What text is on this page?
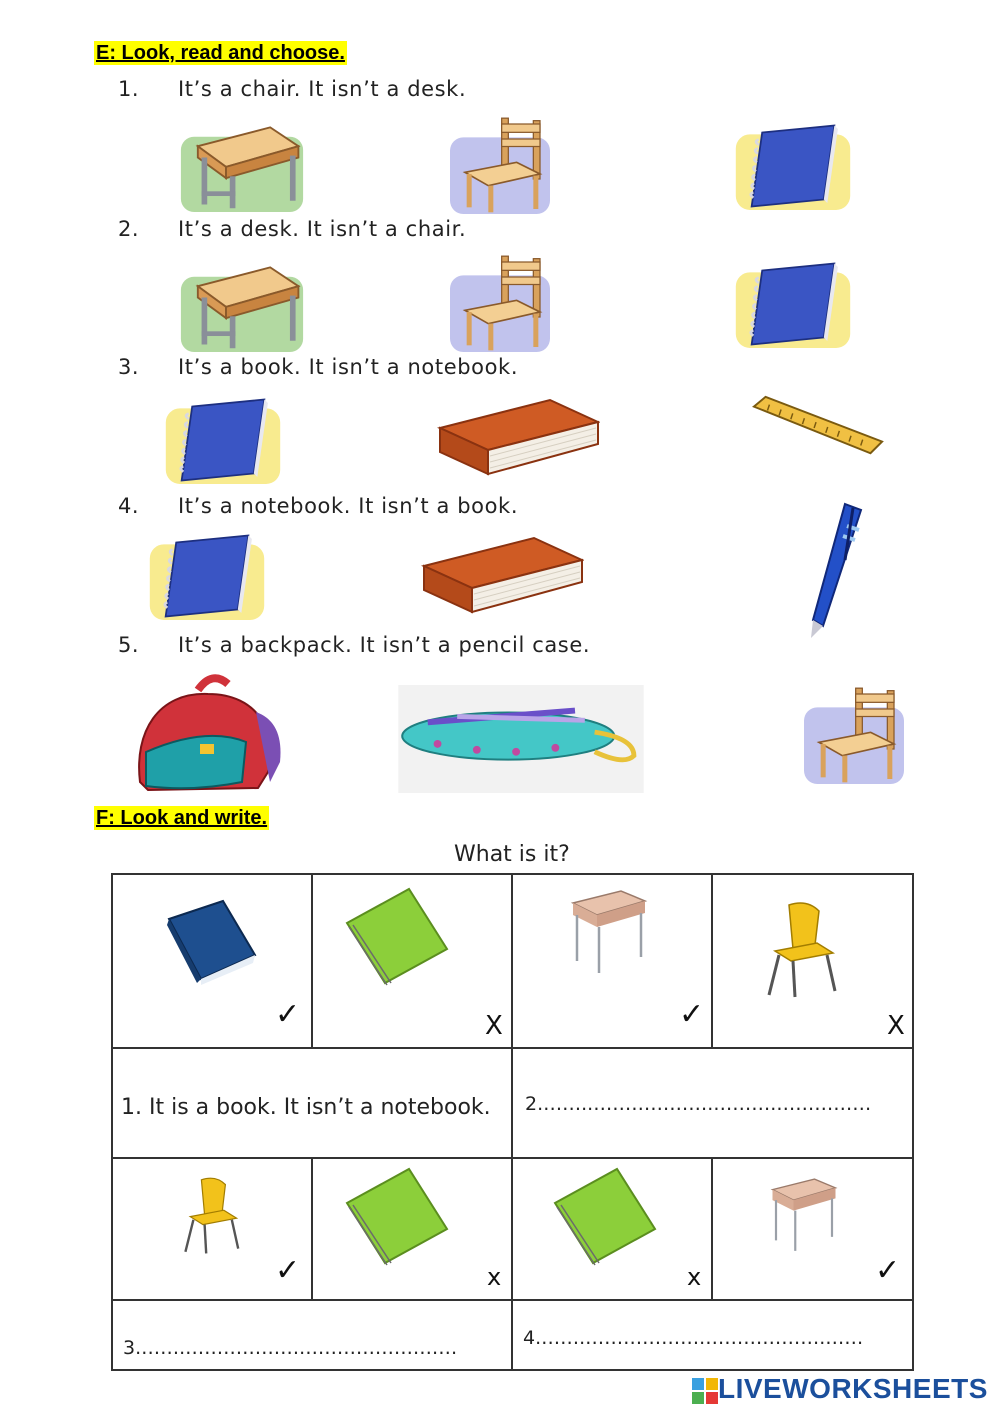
E: Look, read and choose.
1. It’s a chair. It isn’t a desk.
2. It’s a desk. It isn’t a chair.
3. It’s a book. It isn’t a notebook.
4. It’s a notebook. It isn’t a book.
5. It’s a backpack. It isn’t a pencil case.
F: Look and write.
What is it?
✓	X	✓	X
1. It is a book. It isn’t a notebook. 2.……..……………….……….……………
✓	x	x	✓
3.…….……………….……………………	4.…….……………….……………….……
LIVEWORKSHEETS
